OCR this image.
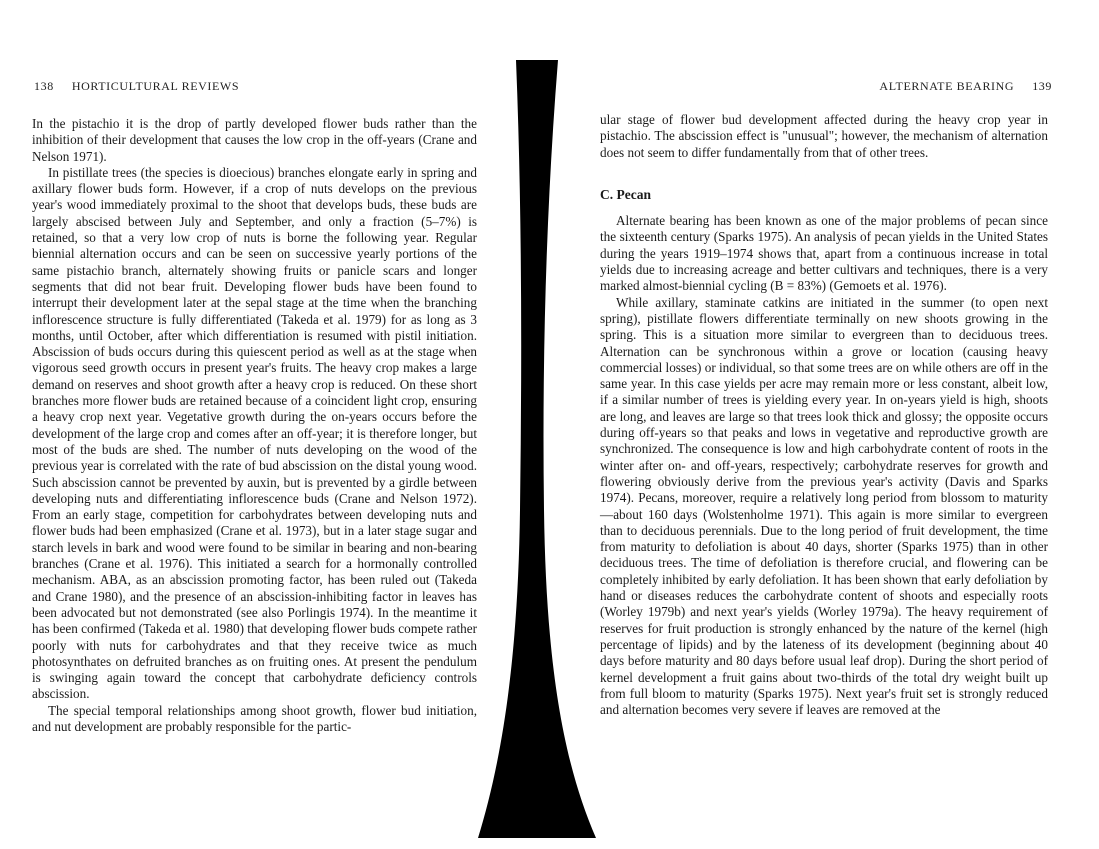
138 HORTICULTURAL REVIEWS

In the pistachio it is the drop of partly developed flower buds rather than the inhibition of their development that causes the low crop in the off-years (Crane and Nelson 1971).

In pistillate trees (the species is dioecious) branches elongate early in spring and axillary flower buds form. However, if a crop of nuts develops on the previous year's wood immediately proximal to the shoot that develops buds, these buds are largely abscised between July and September, and only a fraction (5–7%) is retained, so that a very low crop of nuts is borne the following year. Regular biennial alternation occurs and can be seen on successive yearly portions of the same pistachio branch, alternately showing fruits or panicle scars and longer segments that did not bear fruit. Developing flower buds have been found to interrupt their development later at the sepal stage at the time when the branching inflorescence structure is fully differentiated (Takeda et al. 1979) for as long as 3 months, until October, after which differentiation is resumed with pistil initiation. Abscission of buds occurs during this quiescent period as well as at the stage when vigorous seed growth occurs in present year's fruits. The heavy crop makes a large demand on reserves and shoot growth after a heavy crop is reduced. On these short branches more flower buds are retained because of a coincident light crop, ensuring a heavy crop next year. Vegetative growth during the on-years occurs before the development of the large crop and comes after an off-year; it is therefore longer, but most of the buds are shed. The number of nuts developing on the wood of the previous year is correlated with the rate of bud abscission on the distal young wood. Such abscission cannot be prevented by auxin, but is prevented by a girdle between developing nuts and differentiating inflorescence buds (Crane and Nelson 1972). From an early stage, competition for carbohydrates between developing nuts and flower buds had been emphasized (Crane et al. 1973), but in a later stage sugar and starch levels in bark and wood were found to be similar in bearing and non-bearing branches (Crane et al. 1976). This initiated a search for a hormonally controlled mechanism. ABA, as an abscission promoting factor, has been ruled out (Takeda and Crane 1980), and the presence of an abscission-inhibiting factor in leaves has been advocated but not demonstrated (see also Porlingis 1974). In the meantime it has been confirmed (Takeda et al. 1980) that developing flower buds compete rather poorly with nuts for carbohydrates and that they receive twice as much photosynthates on defruited branches as on fruiting ones. At present the pendulum is swinging again toward the concept that carbohydrate deficiency controls abscission.

The special temporal relationships among shoot growth, flower bud initiation, and nut development are probably responsible for the partic-

ALTERNATE BEARING 139

ular stage of flower bud development affected during the heavy crop year in pistachio. The abscission effect is "unusual"; however, the mechanism of alternation does not seem to differ fundamentally from that of other trees.

C. Pecan

Alternate bearing has been known as one of the major problems of pecan since the sixteenth century (Sparks 1975). An analysis of pecan yields in the United States during the years 1919–1974 shows that, apart from a continuous increase in total yields due to increasing acreage and better cultivars and techniques, there is a very marked almost-biennial cycling (B = 83%) (Gemoets et al. 1976).

While axillary, staminate catkins are initiated in the summer (to open next spring), pistillate flowers differentiate terminally on new shoots growing in the spring. This is a situation more similar to evergreen than to deciduous trees. Alternation can be synchronous within a grove or location (causing heavy commercial losses) or individual, so that some trees are on while others are off in the same year. In this case yields per acre may remain more or less constant, albeit low, if a similar number of trees is yielding every year. In on-years yield is high, shoots are long, and leaves are large so that trees look thick and glossy; the opposite occurs during off-years so that peaks and lows in vegetative and reproductive growth are synchronized. The consequence is low and high carbohydrate content of roots in the winter after on- and off-years, respectively; carbohydrate reserves for growth and flowering obviously derive from the previous year's activity (Davis and Sparks 1974). Pecans, moreover, require a relatively long period from blossom to maturity—about 160 days (Wolstenholme 1971). This again is more similar to evergreen than to deciduous perennials. Due to the long period of fruit development, the time from maturity to defoliation is about 40 days, shorter (Sparks 1975) than in other deciduous trees. The time of defoliation is therefore crucial, and flowering can be completely inhibited by early defoliation. It has been shown that early defoliation by hand or diseases reduces the carbohydrate content of shoots and especially roots (Worley 1979b) and next year's yields (Worley 1979a). The heavy requirement of reserves for fruit production is strongly enhanced by the nature of the kernel (high percentage of lipids) and by the lateness of its development (beginning about 40 days before maturity and 80 days before usual leaf drop). During the short period of kernel development a fruit gains about two-thirds of the total dry weight built up from full bloom to maturity (Sparks 1975). Next year's fruit set is strongly reduced and alternation becomes very severe if leaves are removed at the
